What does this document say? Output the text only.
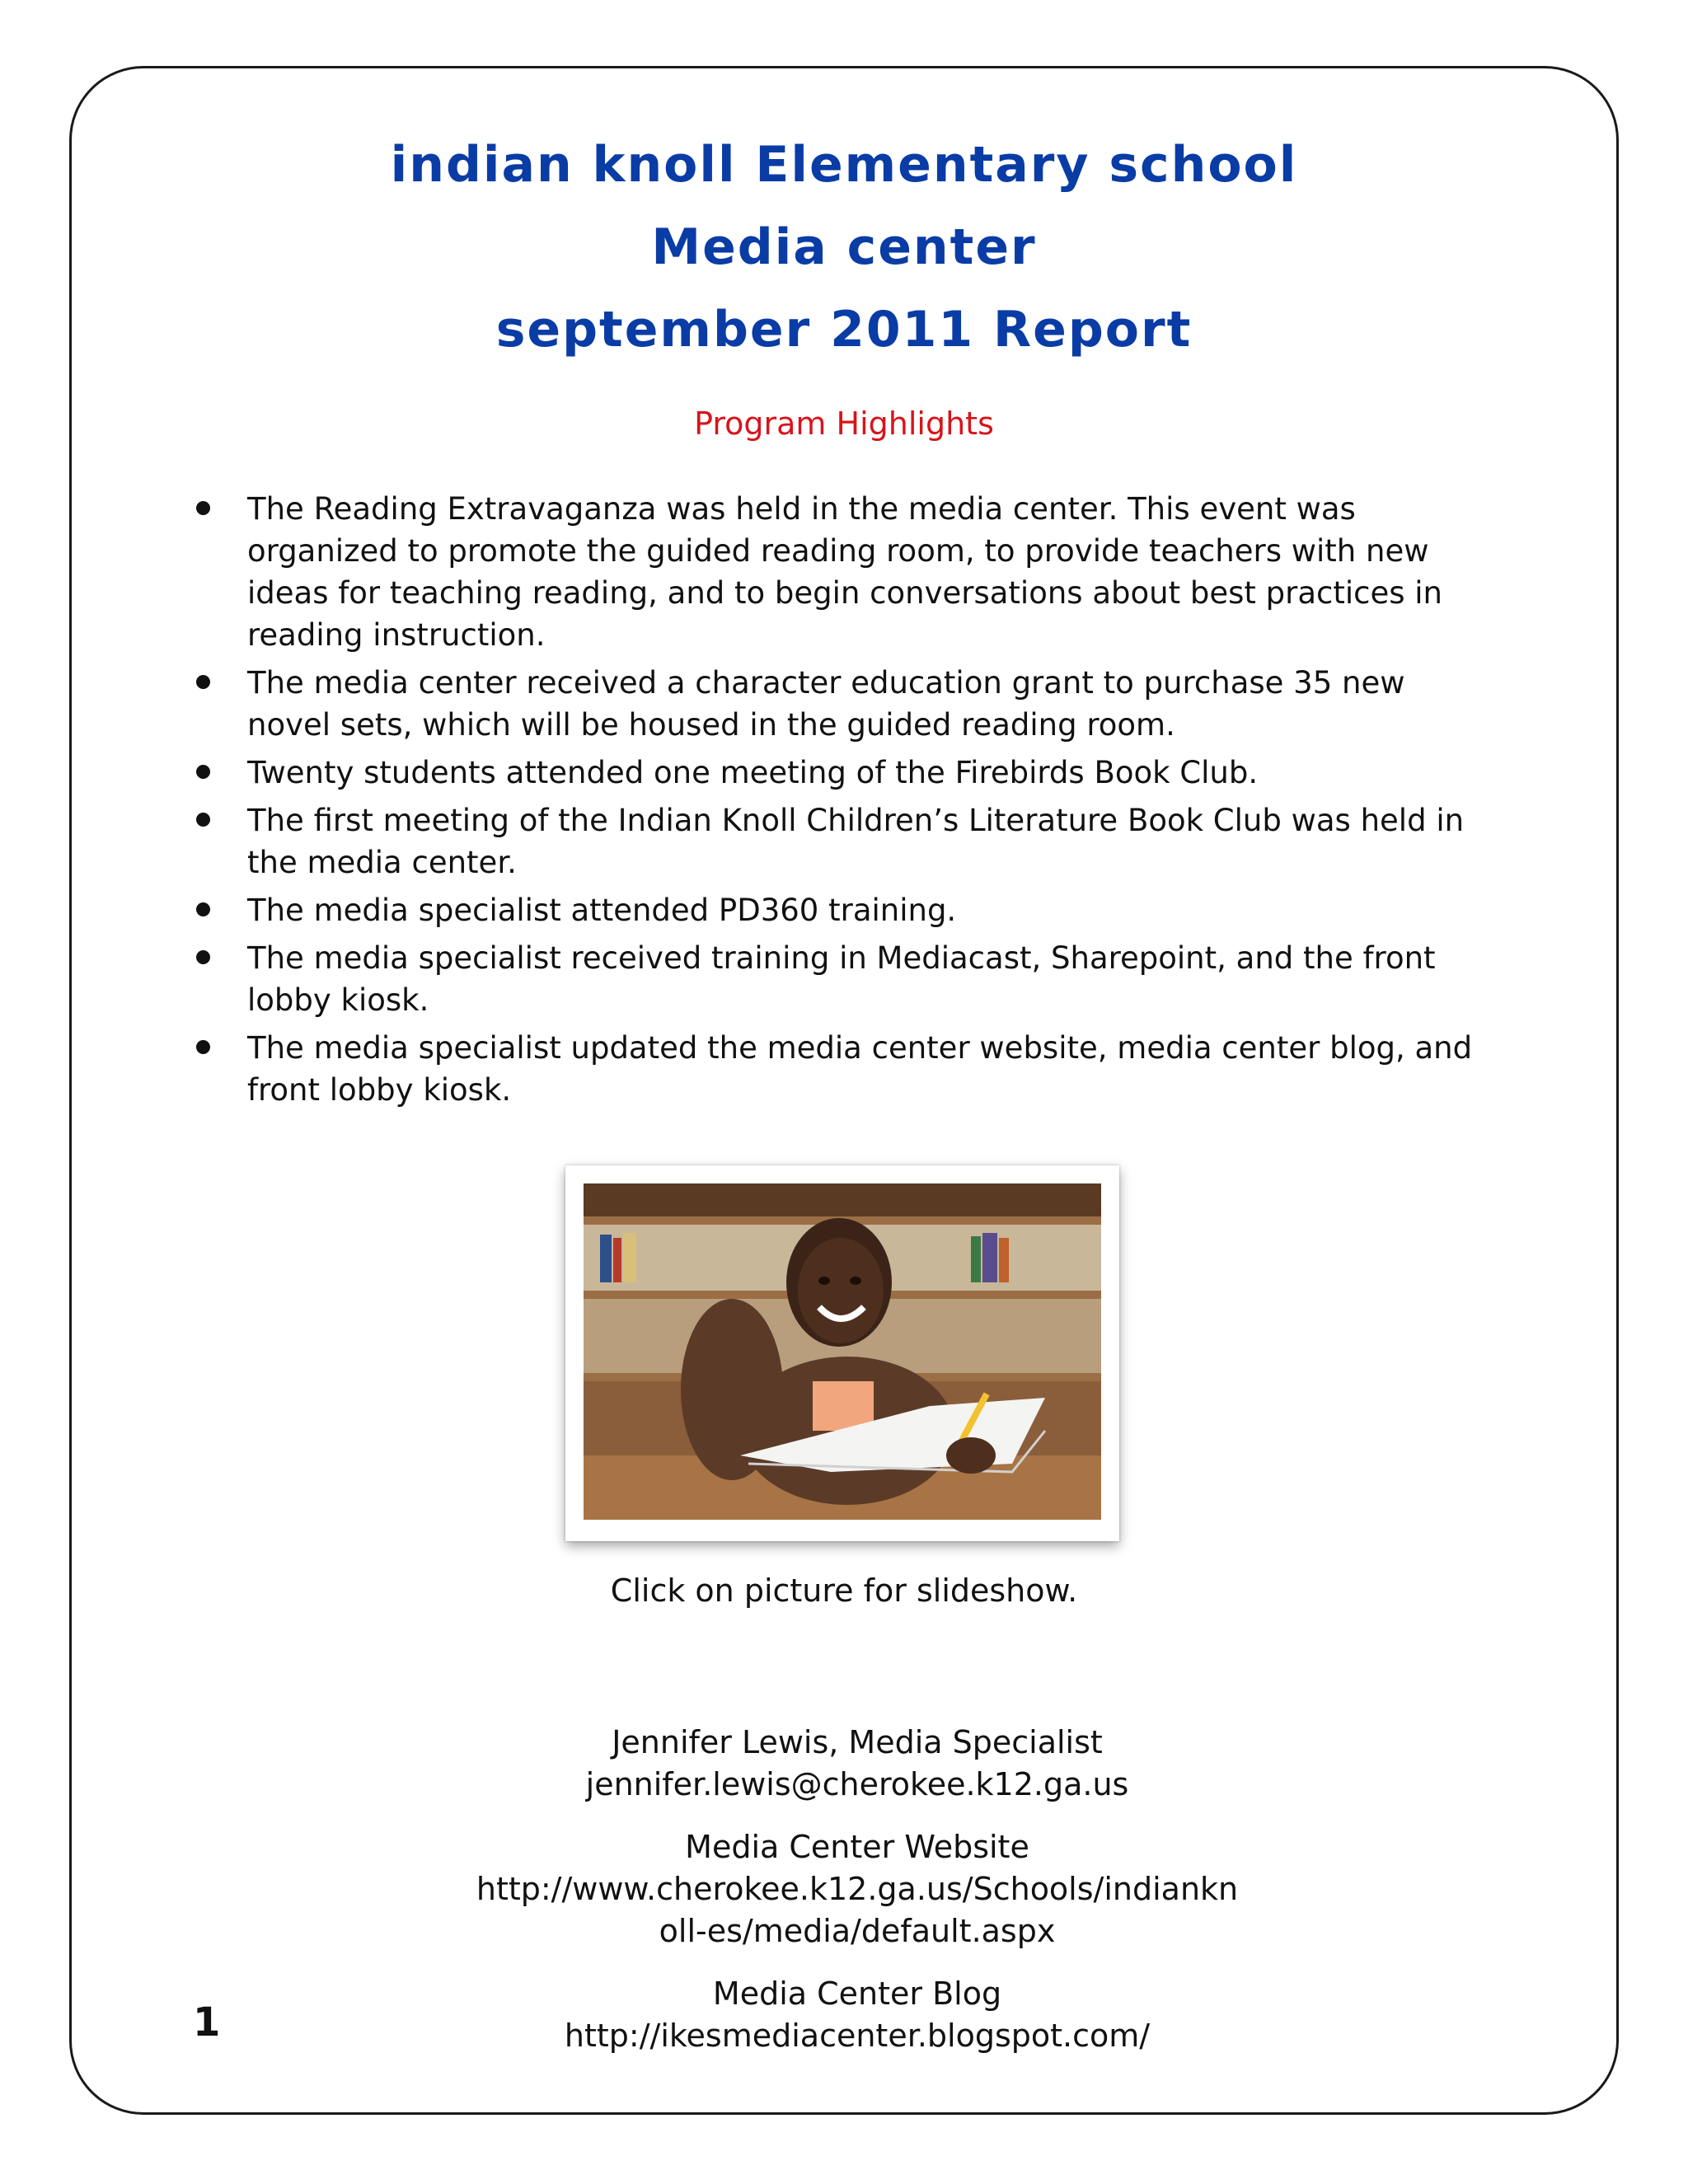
indian knoll Elementary school
Media center
september 2011 Report
Program Highlights
The Reading Extravaganza was held in the media center. This event was
organized to promote the guided reading room, to provide teachers with new
ideas for teaching reading, and to begin conversations about best practices in
reading instruction.
The media center received a character education grant to purchase 35 new
novel sets, which will be housed in the guided reading room.
Twenty students attended one meeting of the Firebirds Book Club.
The first meeting of the Indian Knoll Children’s Literature Book Club was held in
the media center.
The media specialist attended PD360 training.
The media specialist received training in Mediacast, Sharepoint, and the front
lobby kiosk.
The media specialist updated the media center website, media center blog, and
front lobby kiosk.
Click on picture for slideshow.
Jennifer Lewis, Media Specialist
jennifer.lewis@cherokee.k12.ga.us
Media Center Website
http://www.cherokee.k12.ga.us/Schools/indiankn
oll-es/media/default.aspx
Media Center Blog
http://ikesmediacenter.blogspot.com/
1
